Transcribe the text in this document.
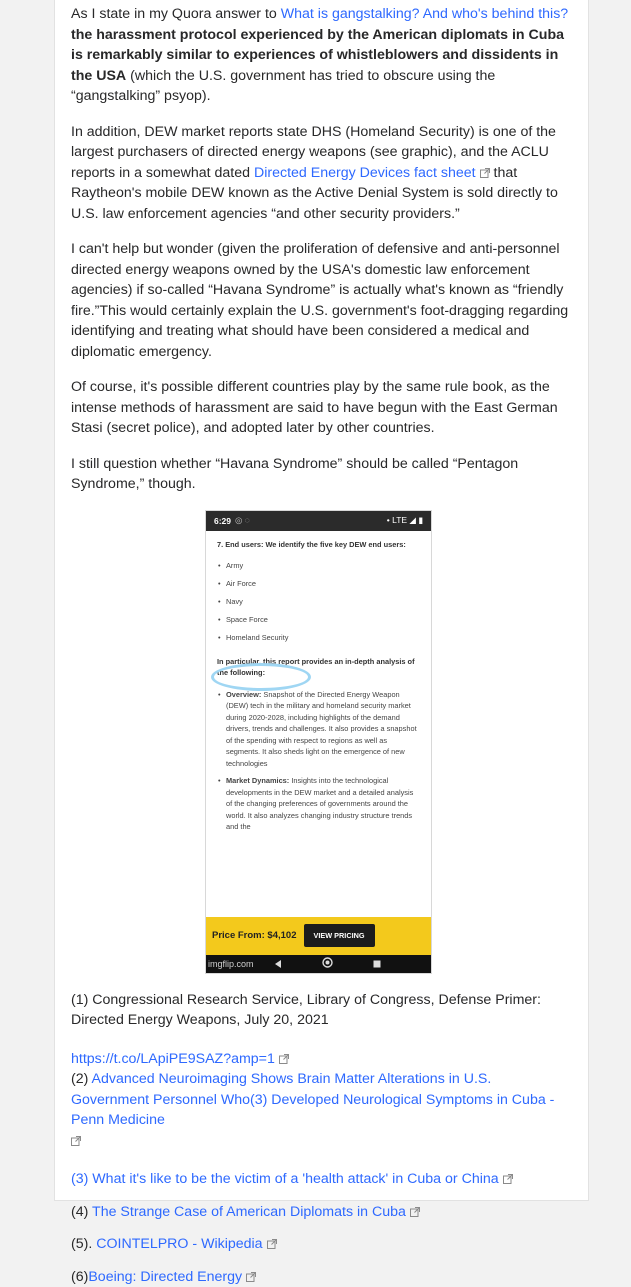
As I state in my Quora answer to What is gangstalking? And who's behind this? the harassment protocol experienced by the American diplomats in Cuba is remarkably similar to experiences of whistleblowers and dissidents in the USA (which the U.S. government has tried to obscure using the “gangstalking” psyop).

In addition, DEW market reports state DHS (Homeland Security) is one of the largest purchasers of directed energy weapons (see graphic), and the ACLU reports in a somewhat dated Directed Energy Devices fact sheet
that Raytheon's mobile DEW known as the Active Denial System is sold directly to U.S. law enforcement agencies “and other security providers.”

I can't help but wonder (given the proliferation of defensive and anti-personnel directed energy weapons owned by the USA's domestic law enforcement agencies) if so-called “Havana Syndrome” is actually what's known as “friendly fire.”This would certainly explain the U.S. government's foot-dragging regarding identifying and treating what should have been considered a medical and diplomatic emergency.

Of course, it's possible different countries play by the same rule book, as the intense methods of harassment are said to have begun with the East German Stasi (secret police), and adopted later by other countries.

I still question whether “Havana Syndrome” should be called “Pentagon Syndrome,” though.

6:29 ◎ ◌	• LTE ◢ ▮
7. End users: We identify the five key DEW end users:
• Army
• Air Force
• Navy
• Space Force
• Homeland Security
In particular, this report provides an in-depth analysis of the following:
• Overview: Snapshot of the Directed Energy Weapon (DEW) tech in the military and homeland security market during 2020-2028, including highlights of the demand drivers, trends and challenges. It also provides a snapshot of the spending with respect to regions as well as segments. It also sheds light on the emergence of new technologies
• Market Dynamics: Insights into the technological developments in the DEW market and a detailed analysis of the changing preferences of governments around the world. It also analyzes changing industry structure trends and the
Price From: $4,102	VIEW PRICING
imgflip.com

(1) Congressional Research Service, Library of Congress, Defense Primer: Directed Energy Weapons, July 20, 2021

https://t.co/LApiPE9SAZ?amp=1

(2) Advanced Neuroimaging Shows Brain Matter Alterations in U.S. Government Personnel Who(3) Developed Neurological Symptoms in Cuba - Penn Medicine

(3) What it's like to be the victim of a 'health attack' in Cuba or China

(4) The Strange Case of American Diplomats in Cuba

(5). COINTELPRO - Wikipedia

(6)Boeing: Directed Energy
